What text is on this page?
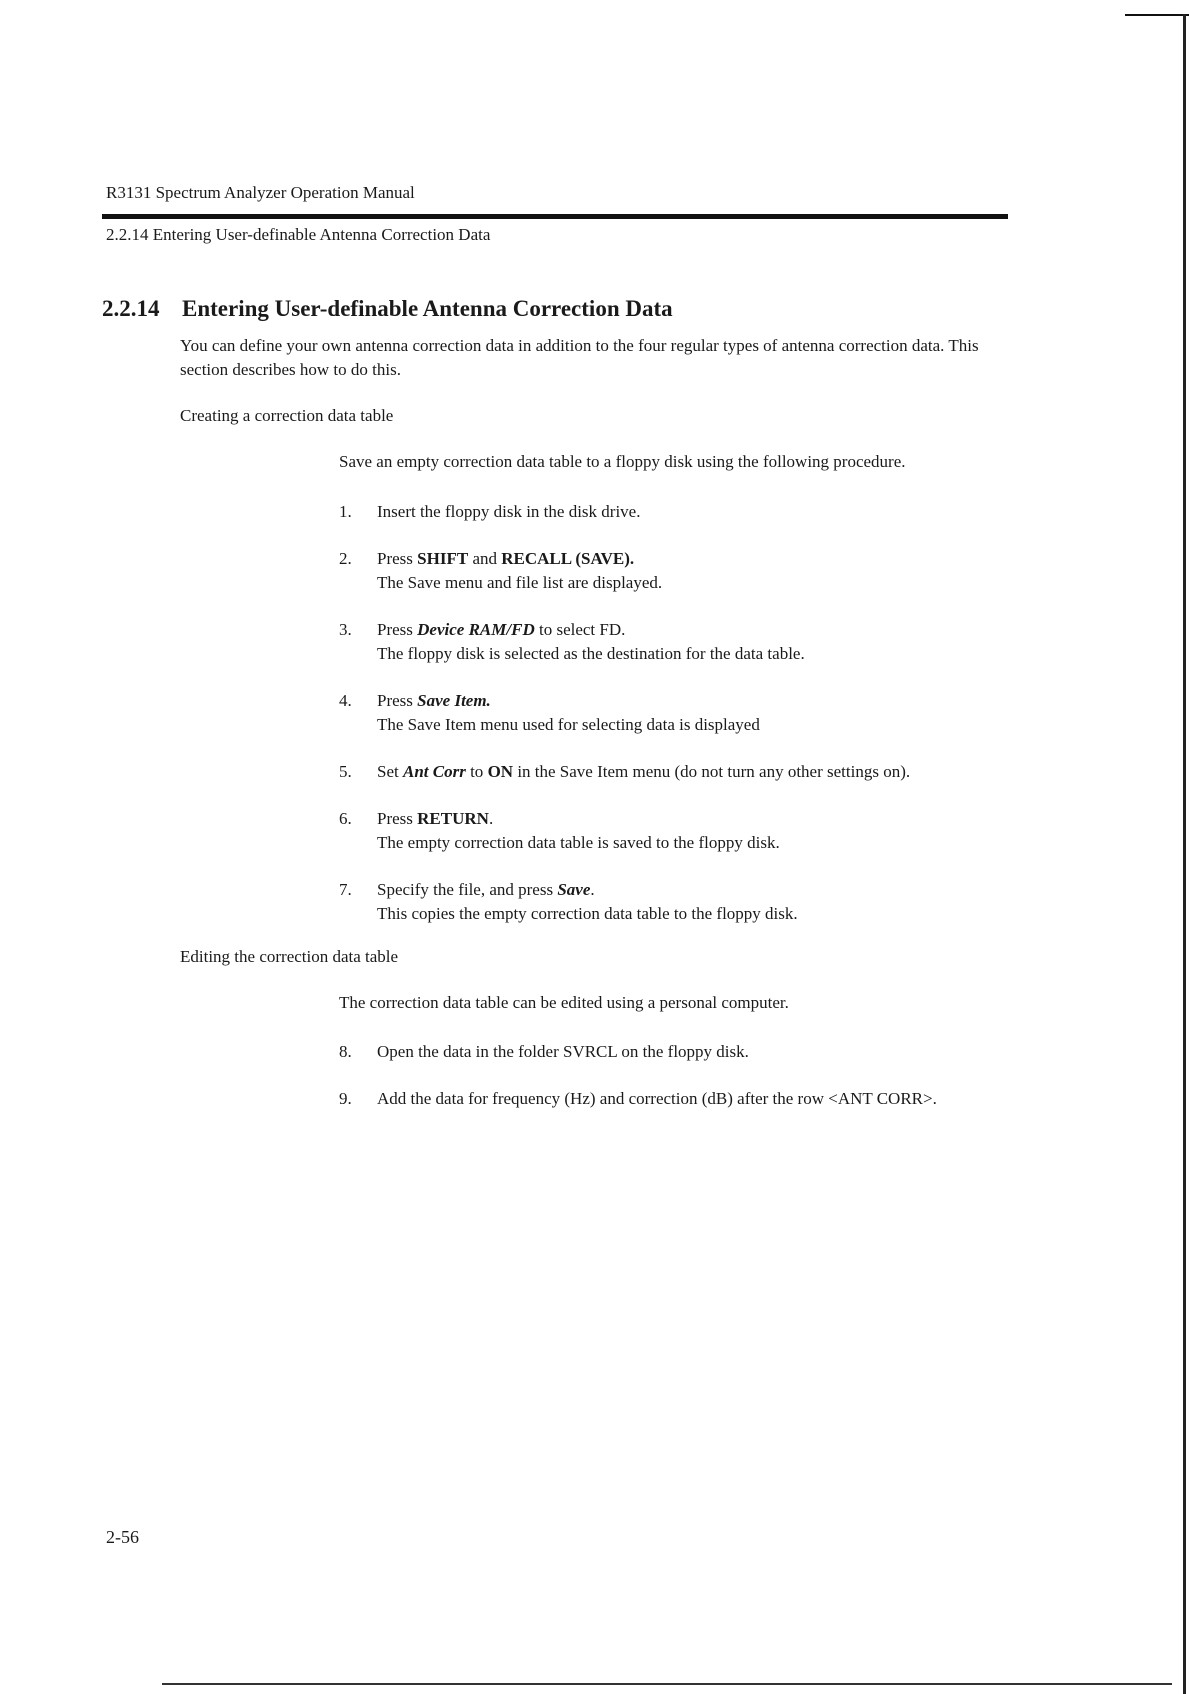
R3131 Spectrum Analyzer Operation Manual
2.2.14 Entering User-definable Antenna Correction Data
2.2.14 Entering User-definable Antenna Correction Data
You can define your own antenna correction data in addition to the four regular types of antenna correction data. This section describes how to do this.
Creating a correction data table
Save an empty correction data table to a floppy disk using the following procedure.
1.	Insert the floppy disk in the disk drive.
2.	Press SHIFT and RECALL (SAVE).
The Save menu and file list are displayed.
3.	Press Device RAM/FD to select FD.
The floppy disk is selected as the destination for the data table.
4.	Press Save Item.
The Save Item menu used for selecting data is displayed
5.	Set Ant Corr to ON in the Save Item menu (do not turn any other settings on).
6.	Press RETURN.
The empty correction data table is saved to the floppy disk.
7.	Specify the file, and press Save.
This copies the empty correction data table to the floppy disk.
Editing the correction data table
The correction data table can be edited using a personal computer.
8.	Open the data in the folder SVRCL on the floppy disk.
9.	Add the data for frequency (Hz) and correction (dB) after the row <ANT CORR>.
2-56
